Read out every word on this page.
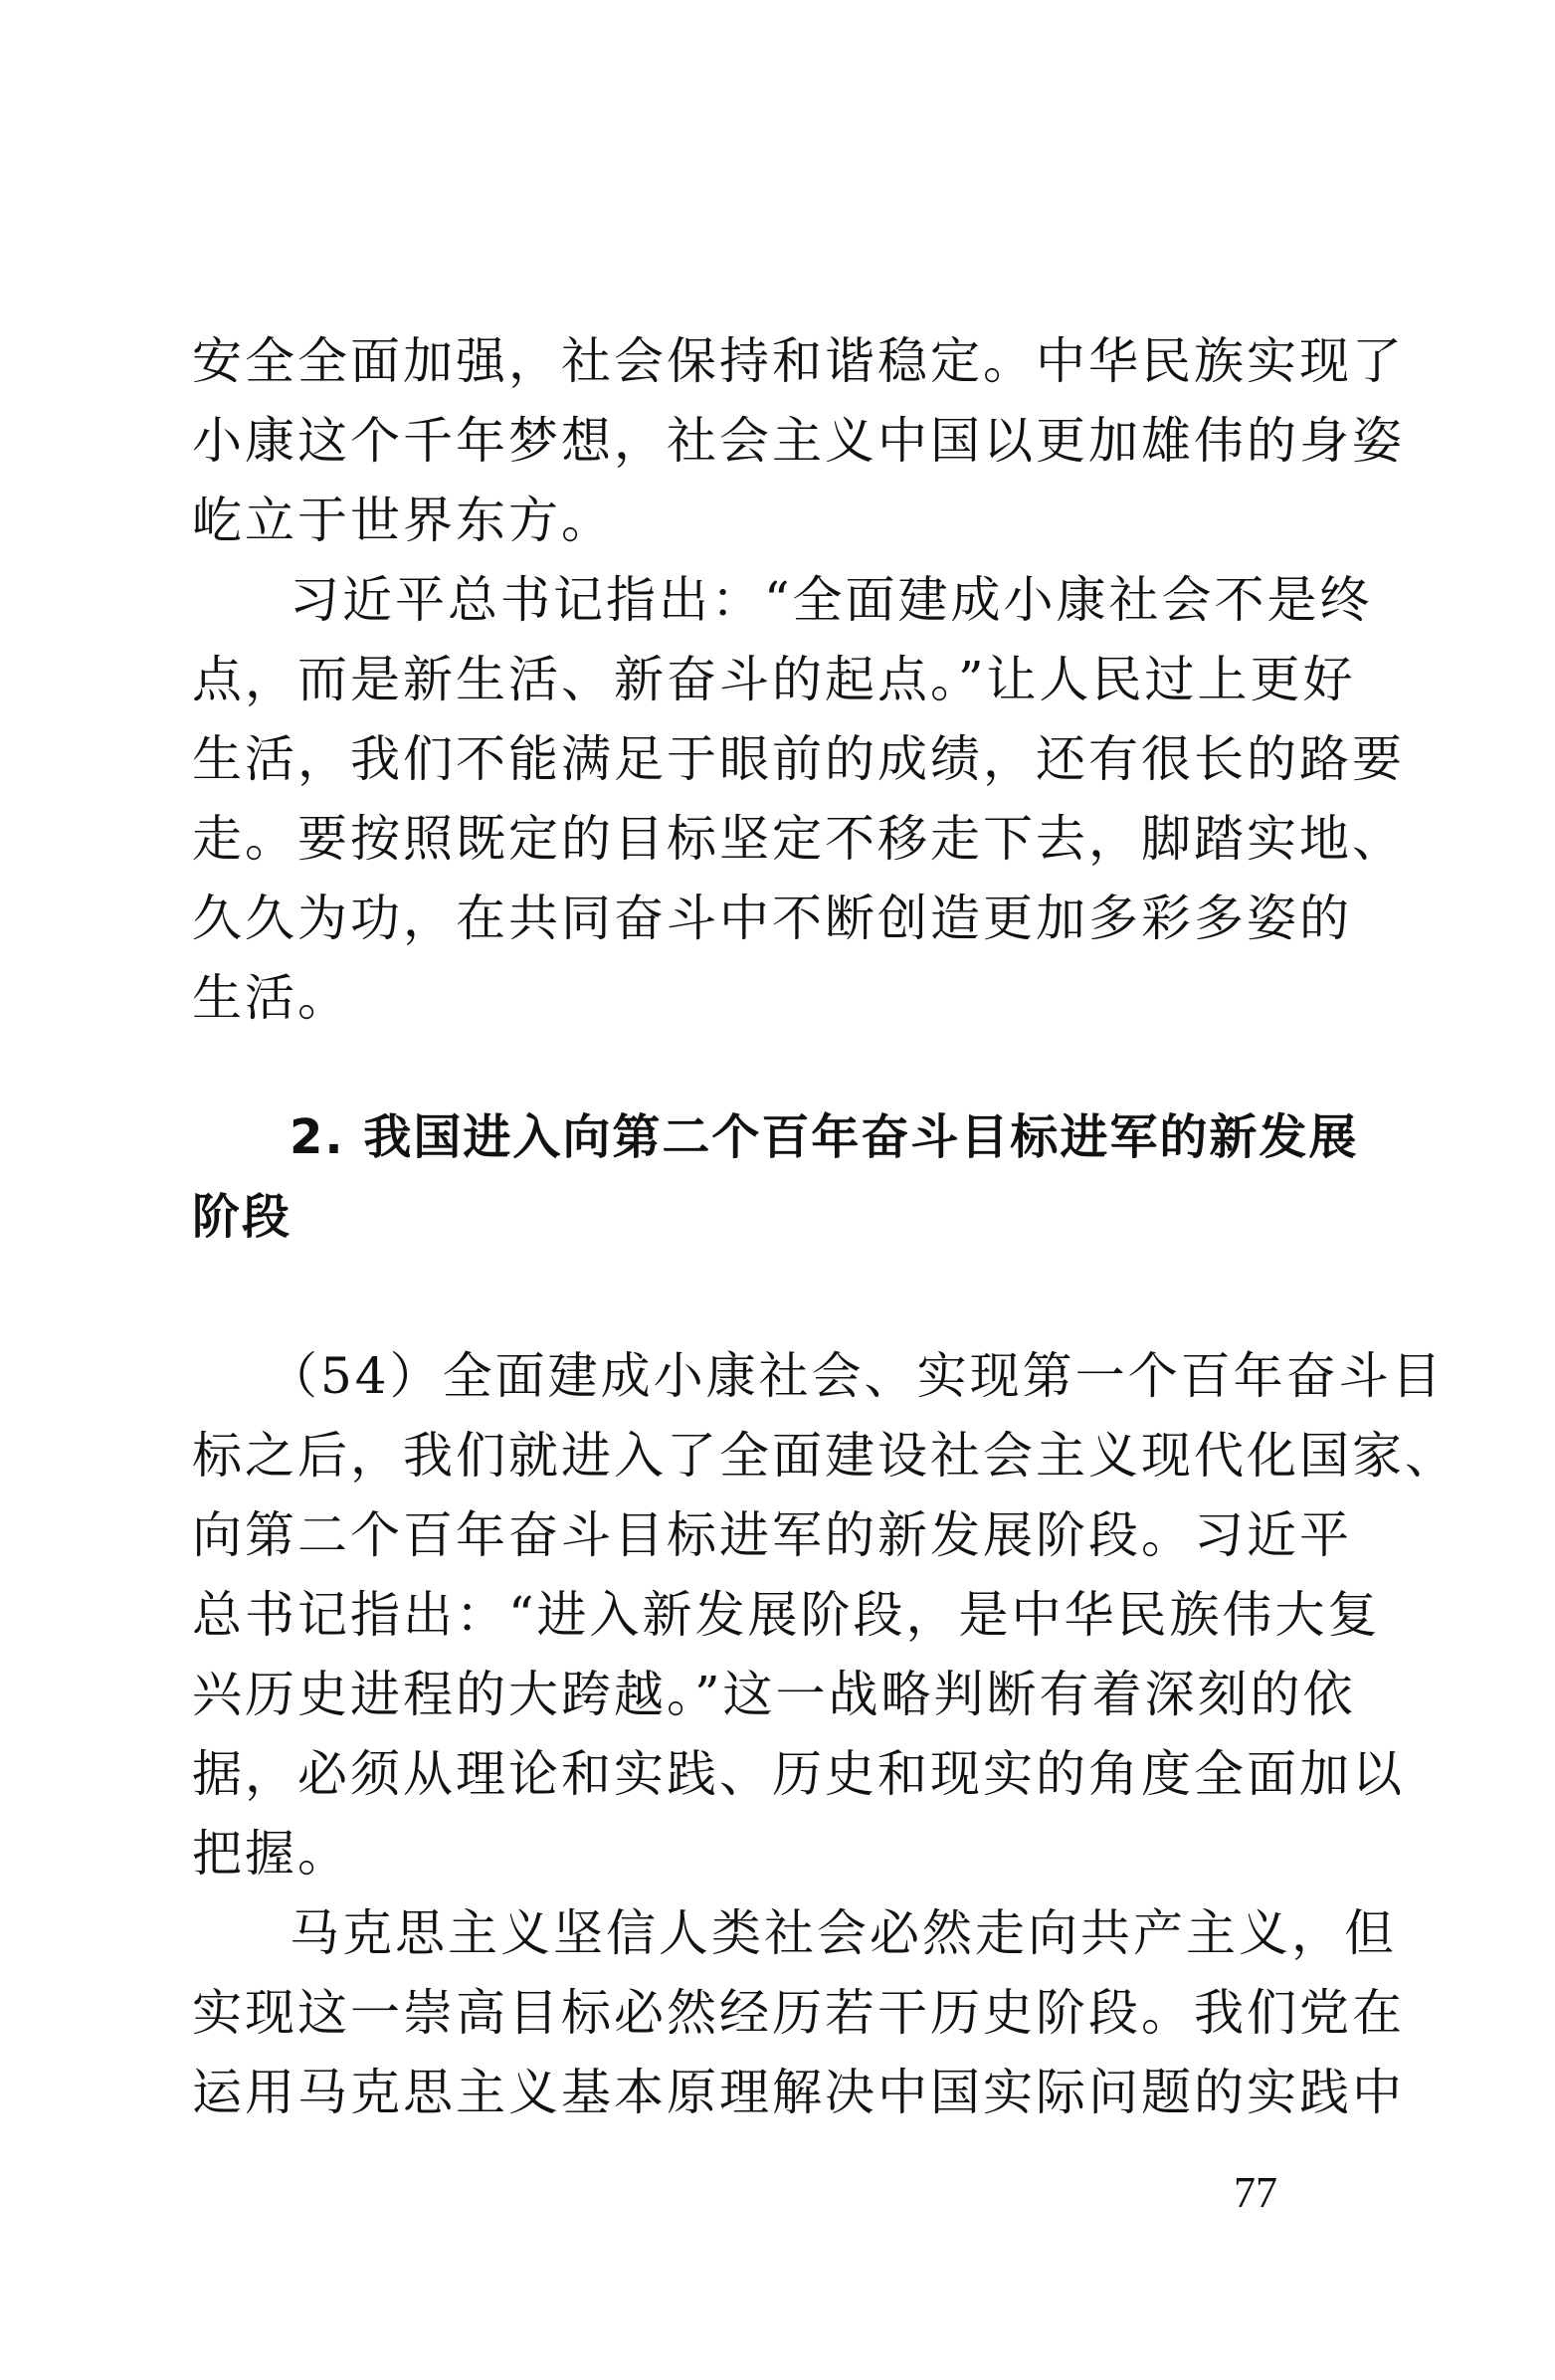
安全全面加强，社会保持和谐稳定。中华民族实现了
小康这个千年梦想，社会主义中国以更加雄伟的身姿
屹立于世界东方。
习近平总书记指出：“全面建成小康社会不是终
点，而是新生活、新奋斗的起点。”让人民过上更好
生活，我们不能满足于眼前的成绩，还有很长的路要
走。要按照既定的目标坚定不移走下去，脚踏实地、
久久为功，在共同奋斗中不断创造更加多彩多姿的
生活。
2. 我国进入向第二个百年奋斗目标进军的新发展
阶段
（54）全面建成小康社会、实现第一个百年奋斗目
标之后，我们就进入了全面建设社会主义现代化国家、
向第二个百年奋斗目标进军的新发展阶段。习近平
总书记指出：“进入新发展阶段，是中华民族伟大复
兴历史进程的大跨越。”这一战略判断有着深刻的依
据，必须从理论和实践、历史和现实的角度全面加以
把握。
马克思主义坚信人类社会必然走向共产主义，但
实现这一崇高目标必然经历若干历史阶段。我们党在
运用马克思主义基本原理解决中国实际问题的实践中
77
